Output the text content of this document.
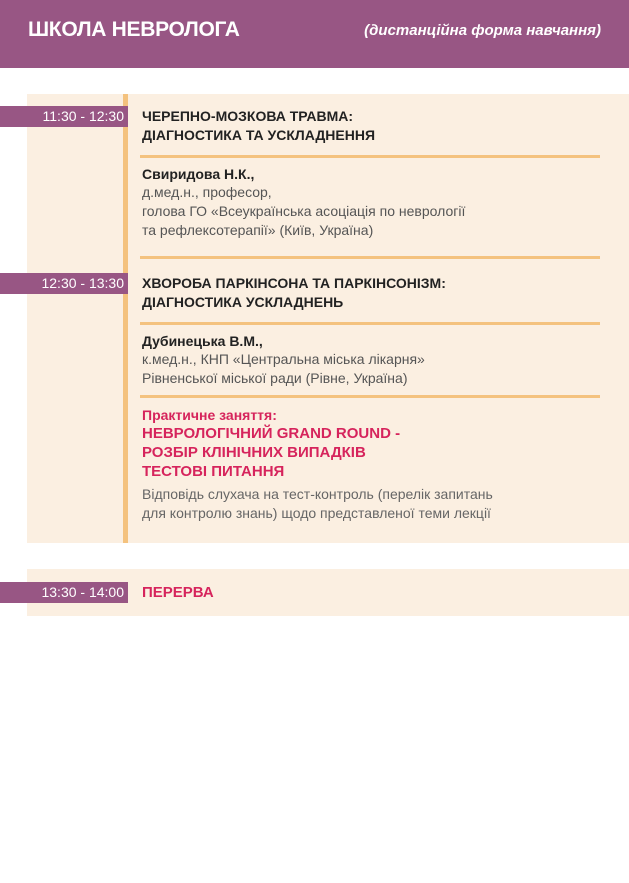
ШКОЛА НЕВРОЛОГА	(дистанційна форма навчання)
11:30 - 12:30 ЧЕРЕПНО-МОЗКОВА ТРАВМА:
ДІАГНОСТИКА ТА УСКЛАДНЕННЯ
Свиридова Н.К.,
д.мед.н., професор,
голова ГО «Всеукраїнська асоціація по неврології
та рефлексотерапії» (Київ, Україна)
12:30 - 13:30 ХВОРОБА ПАРКІНСОНА ТА ПАРКІНСОНІЗМ:
ДІАГНОСТИКА УСКЛАДНЕНЬ
Дубинецька В.М.,
к.мед.н., КНП «Центральна міська лікарня»
Рівненської міської ради (Рівне, Україна)
Практичне заняття:
НЕВРОЛОГІЧНИЙ GRAND ROUND -
РОЗБІР КЛІНІЧНИХ ВИПАДКІВ
ТЕСТОВІ ПИТАННЯ
Відповідь слухача на тест-контроль (перелік запитань
для контролю знань) щодо представленої теми лекції
13:30 - 14:00 ПЕРЕРВА
